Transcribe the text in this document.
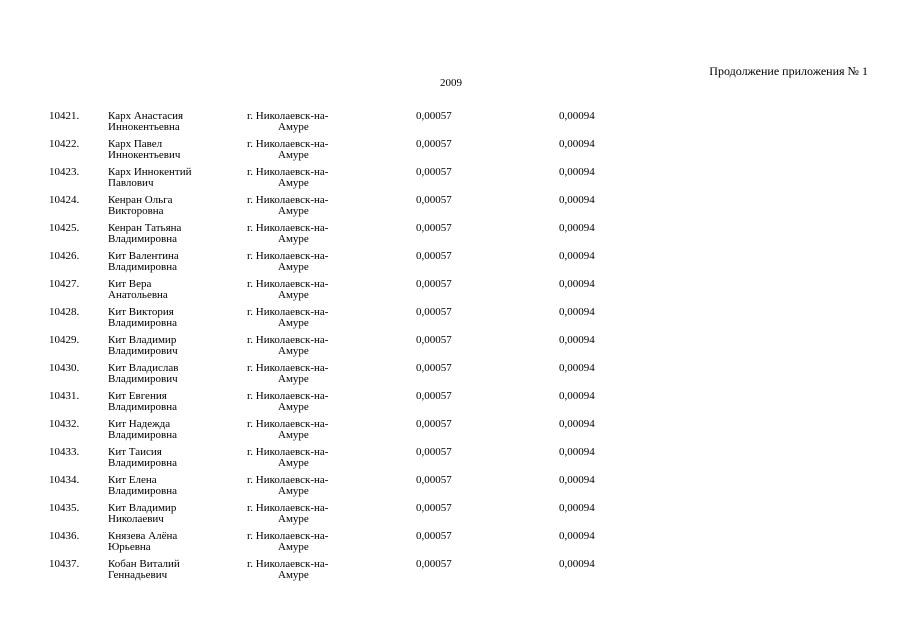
Продолжение приложения № 1
2009
10421.	Карх Анастасия
Иннокентьевна
г. Николаевск-на-
Амуре
0,00057	0,00094
10422.	Карх Павел
Иннокентьевич
г. Николаевск-на-
Амуре
0,00057	0,00094
10423.	Карх Иннокентий
Павлович
г. Николаевск-на-
Амуре
0,00057	0,00094
10424.	Кенран Ольга
Викторовна
г. Николаевск-на-
Амуре
0,00057	0,00094
10425.	Кенран Татьяна
Владимировна
г. Николаевск-на-
Амуре
0,00057	0,00094
10426.	Кит Валентина
Владимировна
г. Николаевск-на-
Амуре
0,00057	0,00094
10427.	Кит Вера
Анатольевна
г. Николаевск-на-
Амуре
0,00057	0,00094
10428.	Кит Виктория
Владимировна
г. Николаевск-на-
Амуре
0,00057	0,00094
10429.	Кит Владимир
Владимирович
г. Николаевск-на-
Амуре
0,00057	0,00094
10430.	Кит Владислав
Владимирович
г. Николаевск-на-
Амуре
0,00057	0,00094
10431.	Кит Евгения
Владимировна
г. Николаевск-на-
Амуре
0,00057	0,00094
10432.	Кит Надежда
Владимировна
г. Николаевск-на-
Амуре
0,00057	0,00094
10433.	Кит Таисия
Владимировна
г. Николаевск-на-
Амуре
0,00057	0,00094
10434.	Кит Елена
Владимировна
г. Николаевск-на-
Амуре
0,00057	0,00094
10435.	Кит Владимир
Николаевич
г. Николаевск-на-
Амуре
0,00057	0,00094
10436.	Князева Алёна
Юрьевна
г. Николаевск-на-
Амуре
0,00057	0,00094
10437.	Кобан Виталий
Геннадьевич
г. Николаевск-на-
Амуре
0,00057	0,00094
